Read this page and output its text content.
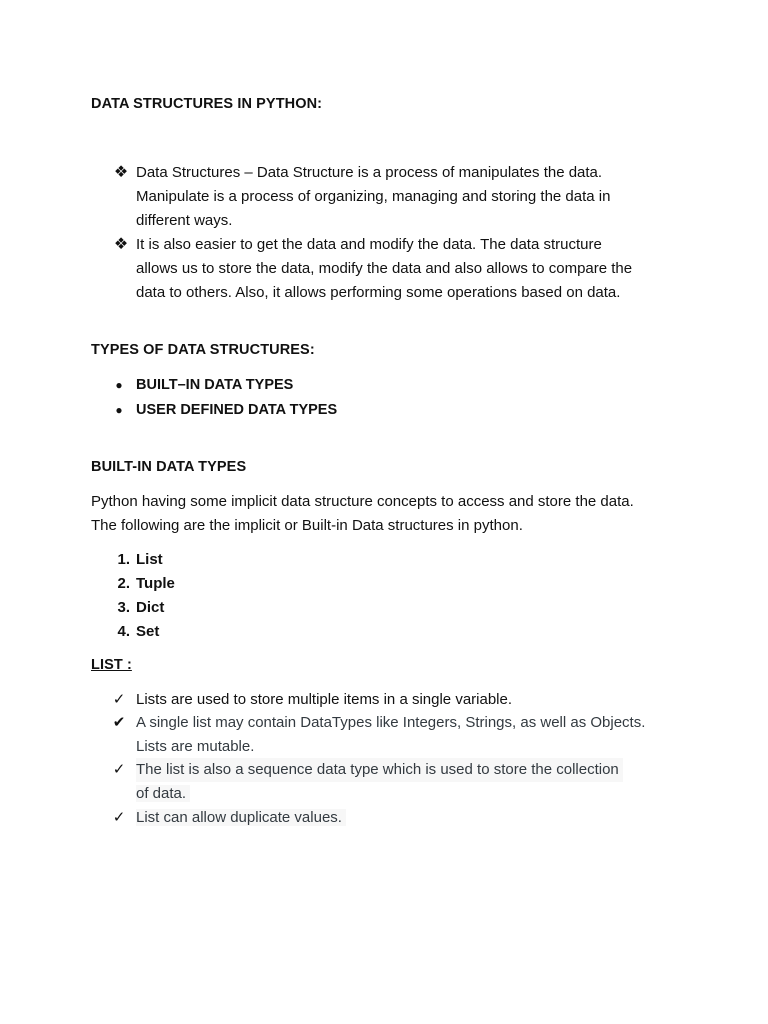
DATA STRUCTURES IN PYTHON:
❖ Data Structures – Data Structure is a process of manipulates the data.
Manipulate is a process of organizing, managing and storing the data in
different ways.
❖ It is also easier to get the data and modify the data. The data structure
allows us to store the data, modify the data and also allows to compare the
data to others. Also, it allows performing some operations based on data.
TYPES OF DATA STRUCTURES:
● BUILT–IN DATA TYPES
● USER DEFINED DATA TYPES
BUILT-IN DATA TYPES
Python having some implicit data structure concepts to access and store the data.
The following are the implicit or Built-in Data structures in python.
1. List
2. Tuple
3. Dict
4. Set
LIST :
✓ Lists are used to store multiple items in a single variable.
✔ A single list may contain DataTypes like Integers, Strings, as well as Objects.
Lists are mutable.
✓ The list is also a sequence data type which is used to store the collection
of data.
✓ List can allow duplicate values.
